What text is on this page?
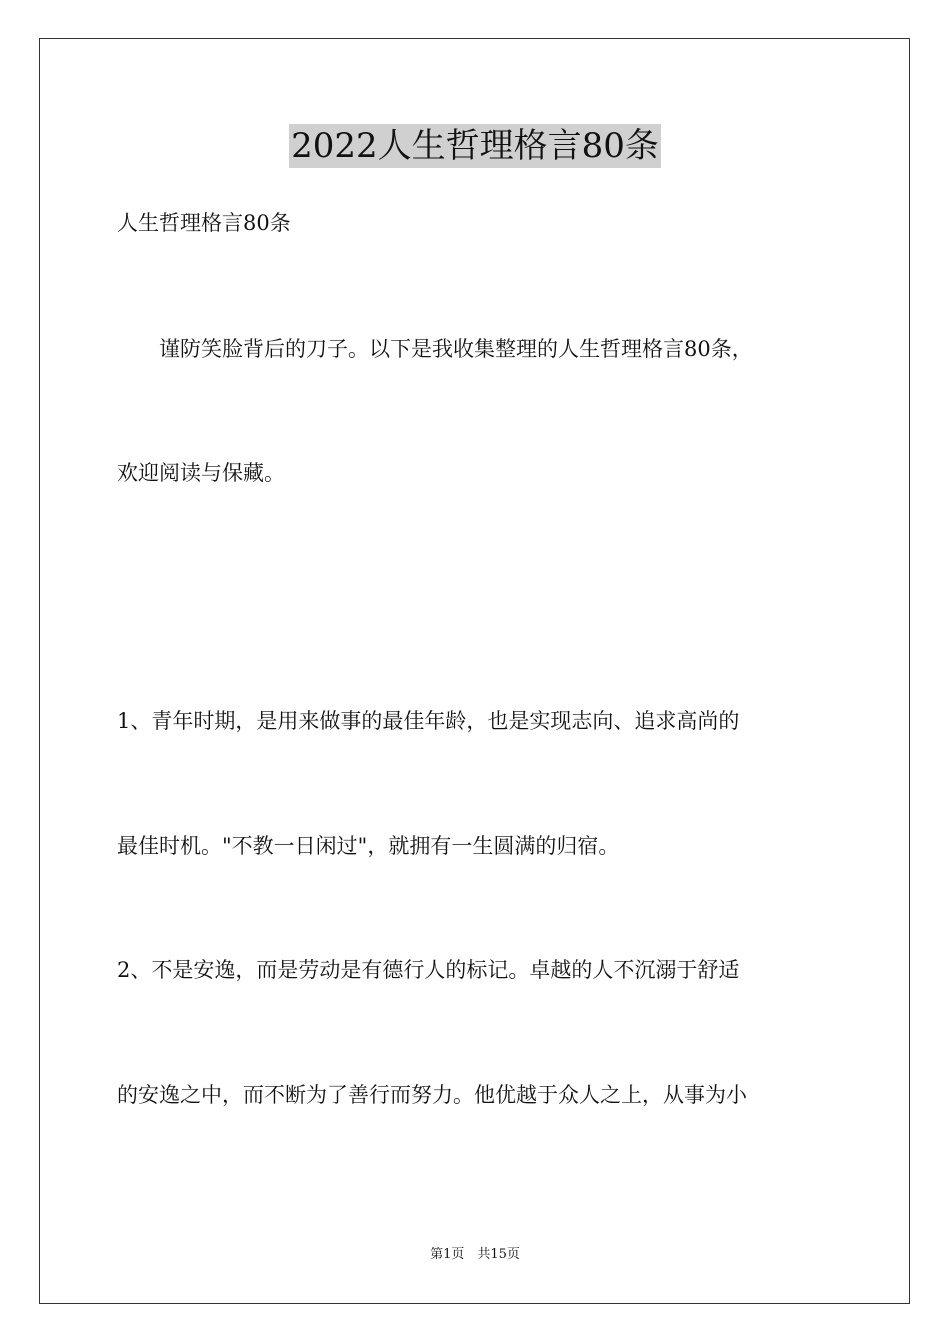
2022人生哲理格言80条
人生哲理格言80条
　　谨防笑脸背后的刀子。以下是我收集整理的人生哲理格言80条，
欢迎阅读与保藏。
1、青年时期，是用来做事的最佳年龄，也是实现志向、追求高尚的
最佳时机。"不教一日闲过"，就拥有一生圆满的归宿。
2、不是安逸，而是劳动是有德行人的标记。卓越的人不沉溺于舒适
的安逸之中，而不断为了善行而努力。他优越于众人之上，从事为小
第1页　共15页
